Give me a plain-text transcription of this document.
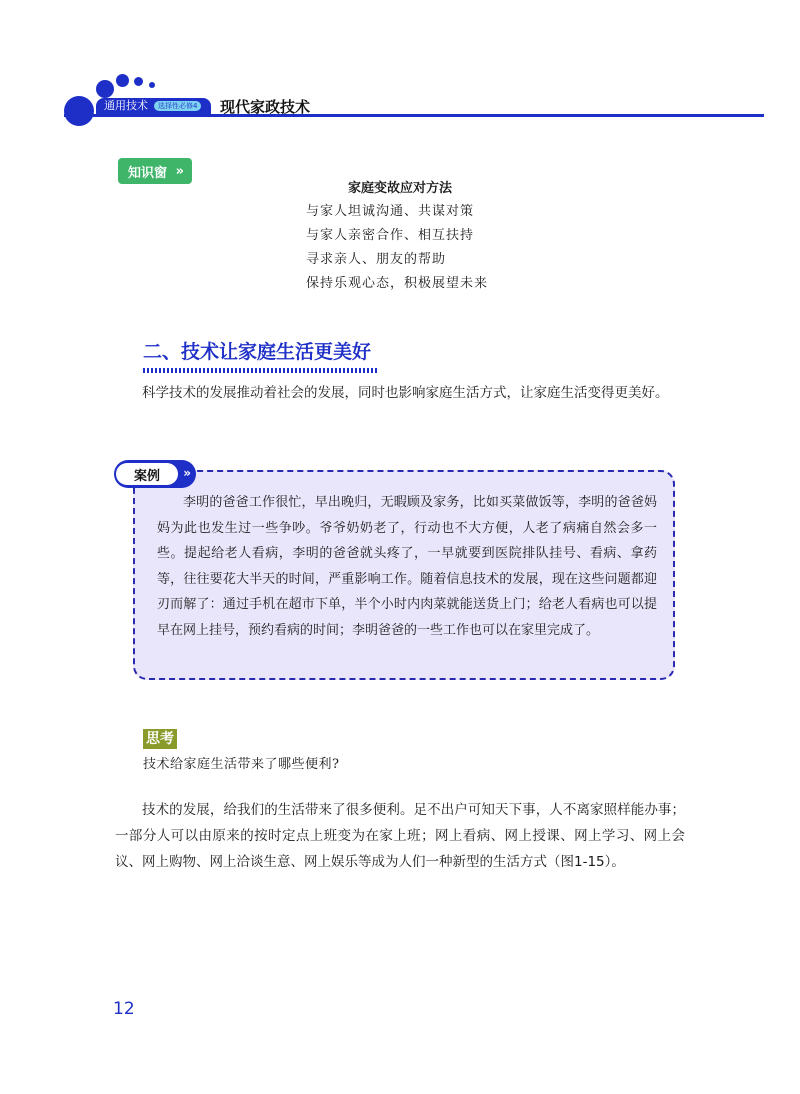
通用技术	选择性必修4 现代家政技术
知识窗 »
家庭变故应对方法
与家人坦诚沟通、共谋对策
与家人亲密合作、相互扶持
寻求亲人、朋友的帮助
保持乐观心态，积极展望未来
二、技术让家庭生活更美好

科学技术的发展推动着社会的发展，同时也影响家庭生活方式，让家庭生活变得更美好。

案例	»

李明的爸爸工作很忙，早出晚归，无暇顾及家务，比如买菜做饭等，李明的爸爸妈妈为此也发生过一些争吵。爷爷奶奶老了，行动也不大方便，人老了病痛自然会多一些。提起给老人看病，李明的爸爸就头疼了，一早就要到医院排队挂号、看病、拿药等，往往要花大半天的时间，严重影响工作。随着信息技术的发展，现在这些问题都迎刃而解了：通过手机在超市下单，半个小时内肉菜就能送货上门；给老人看病也可以提早在网上挂号，预约看病的时间；李明爸爸的一些工作也可以在家里完成了。

思考
技术给家庭生活带来了哪些便利?

技术的发展，给我们的生活带来了很多便利。足不出户可知天下事，人不离家照样能办事；一部分人可以由原来的按时定点上班变为在家上班；网上看病、网上授课、网上学习、网上会议、网上购物、网上洽谈生意、网上娱乐等成为人们一种新型的生活方式（图1-15）。

12
